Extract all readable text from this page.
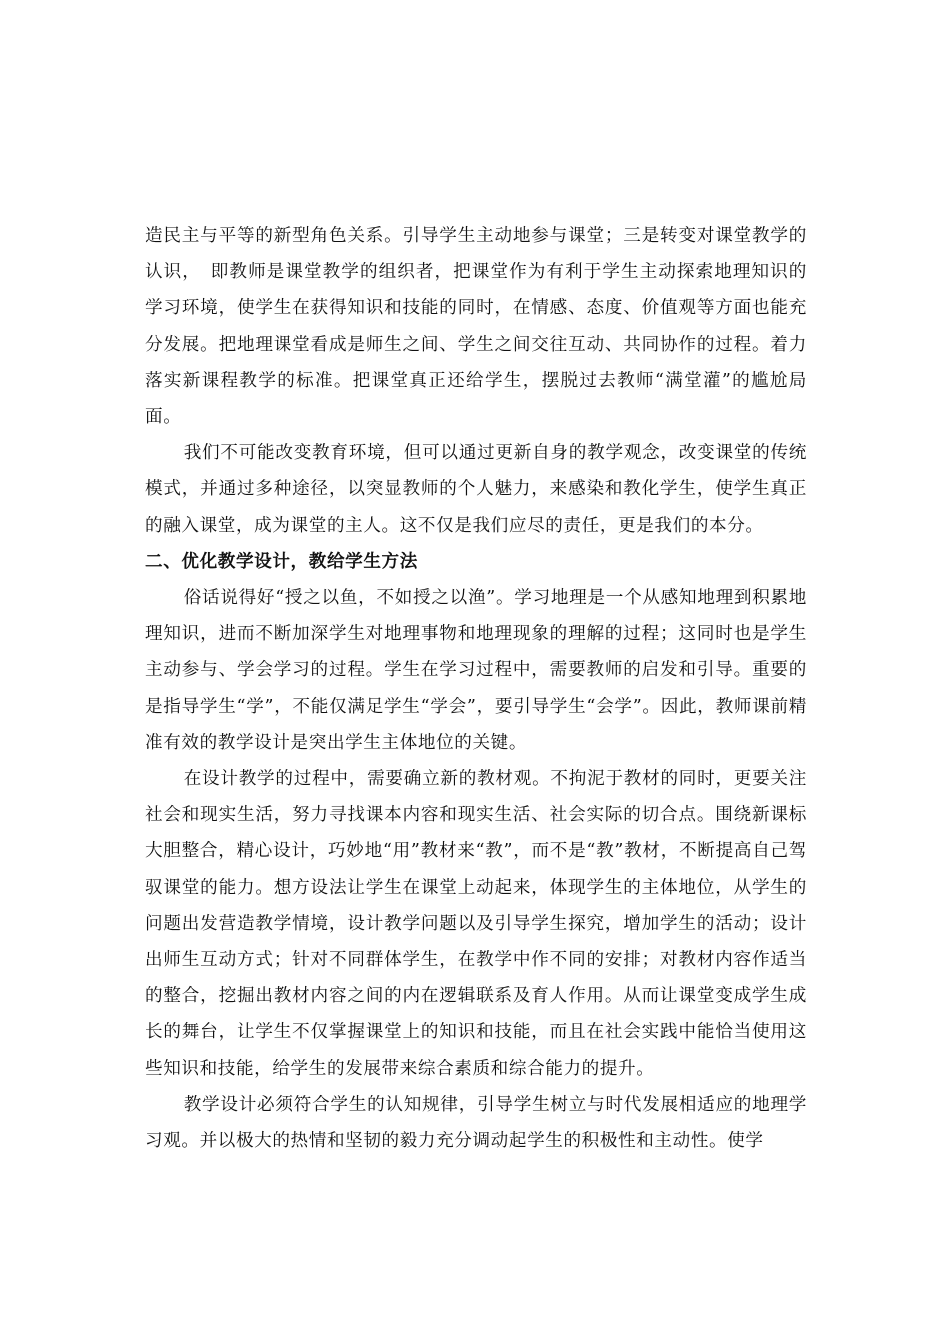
造民主与平等的新型角色关系。引导学生主动地参与课堂；三是转变对课堂教学的认识，　即教师是课堂教学的组织者，把课堂作为有利于学生主动探索地理知识的学习环境，使学生在获得知识和技能的同时，在情感、态度、价值观等方面也能充分发展。把地理课堂看成是师生之间、学生之间交往互动、共同协作的过程。着力落实新课程教学的标准。把课堂真正还给学生，摆脱过去教师“满堂灌”的尴尬局面。

我们不可能改变教育环境，但可以通过更新自身的教学观念，改变课堂的传统模式，并通过多种途径，以突显教师的个人魅力，来感染和教化学生，使学生真正的融入课堂，成为课堂的主人。这不仅是我们应尽的责任，更是我们的本分。

二、优化教学设计，教给学生方法

俗话说得好“授之以鱼，不如授之以渔”。学习地理是一个从感知地理到积累地理知识，进而不断加深学生对地理事物和地理现象的理解的过程；这同时也是学生主动参与、学会学习的过程。学生在学习过程中，需要教师的启发和引导。重要的是指导学生“学”，不能仅满足学生“学会”，要引导学生“会学”。因此，教师课前精准有效的教学设计是突出学生主体地位的关键。

在设计教学的过程中，需要确立新的教材观。不拘泥于教材的同时，更要关注社会和现实生活，努力寻找课本内容和现实生活、社会实际的切合点。围绕新课标大胆整合，精心设计，巧妙地“用”教材来“教”，而不是“教”教材，不断提高自己驾驭课堂的能力。想方设法让学生在课堂上动起来，体现学生的主体地位，从学生的问题出发营造教学情境，设计教学问题以及引导学生探究，增加学生的活动；设计出师生互动方式；针对不同群体学生，在教学中作不同的安排；对教材内容作适当的整合，挖掘出教材内容之间的内在逻辑联系及育人作用。从而让课堂变成学生成长的舞台，让学生不仅掌握课堂上的知识和技能，而且在社会实践中能恰当使用这些知识和技能，给学生的发展带来综合素质和综合能力的提升。

教学设计必须符合学生的认知规律，引导学生树立与时代发展相适应的地理学习观。并以极大的热情和坚韧的毅力充分调动起学生的积极性和主动性。使学
